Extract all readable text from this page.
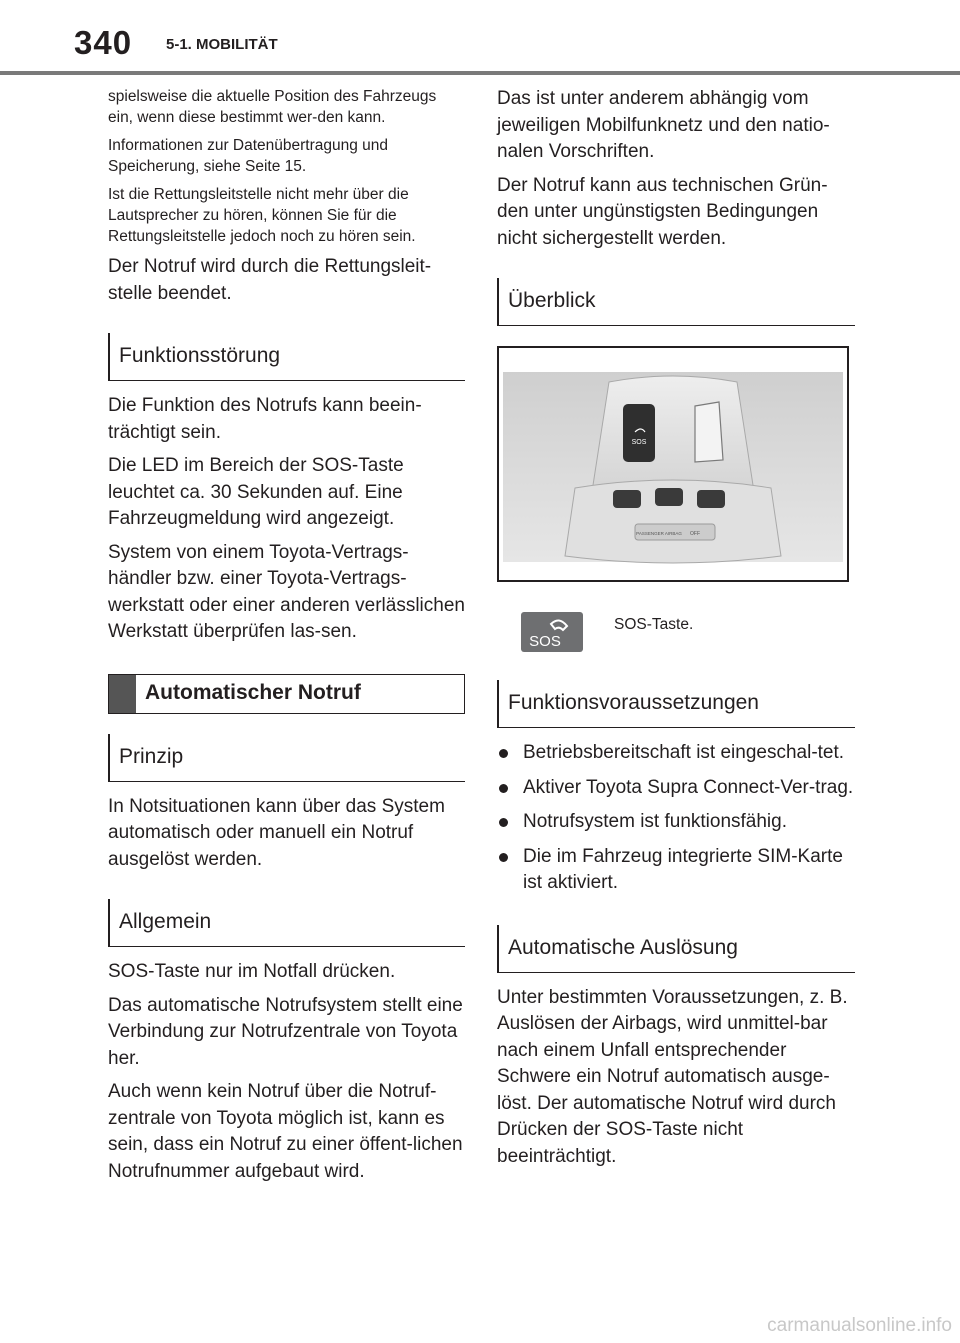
340 5-1. MOBILITÄT

spielsweise die aktuelle Position des Fahrzeugs ein, wenn diese bestimmt wer-den kann.

Informationen zur Datenübertragung und Speicherung, siehe Seite 15.

Ist die Rettungsleitstelle nicht mehr über die Lautsprecher zu hören, können Sie für die Rettungsleitstelle jedoch noch zu hören sein.

Der Notruf wird durch die Rettungsleit-stelle beendet.

Funktionsstörung

Die Funktion des Notrufs kann beein-trächtigt sein.

Die LED im Bereich der SOS-Taste leuchtet ca. 30 Sekunden auf. Eine Fahrzeugmeldung wird angezeigt.

System von einem Toyota-Vertrags-händler bzw. einer Toyota-Vertrags-werkstatt oder einer anderen verlässlichen Werkstatt überprüfen las-sen.

Automatischer Notruf
Prinzip

In Notsituationen kann über das System automatisch oder manuell ein Notruf ausgelöst werden.

Allgemein

SOS-Taste nur im Notfall drücken.

Das automatische Notrufsystem stellt eine Verbindung zur Notrufzentrale von Toyota her.

Auch wenn kein Notruf über die Notruf-zentrale von Toyota möglich ist, kann es sein, dass ein Notruf zu einer öffent-lichen Notrufnummer aufgebaut wird.

Das ist unter anderem abhängig vom jeweiligen Mobilfunknetz und den natio-nalen Vorschriften.

Der Notruf kann aus technischen Grün-den unter ungünstigsten Bedingungen nicht sichergestellt werden.

Überblick
SOS
PASSENGER AIRBAG OFF
SOS
SOS-Taste.
Funktionsvoraussetzungen
Betriebsbereitschaft ist eingeschal-tet.
Aktiver Toyota Supra Connect-Ver-trag.
Notrufsystem ist funktionsfähig.
Die im Fahrzeug integrierte SIM-Karte ist aktiviert.
Automatische Auslösung

Unter bestimmten Voraussetzungen, z. B. Auslösen der Airbags, wird unmittel-bar nach einem Unfall entsprechender Schwere ein Notruf automatisch ausge-löst. Der automatische Notruf wird durch Drücken der SOS-Taste nicht beeinträchtigt.

carmanualsonline.info
